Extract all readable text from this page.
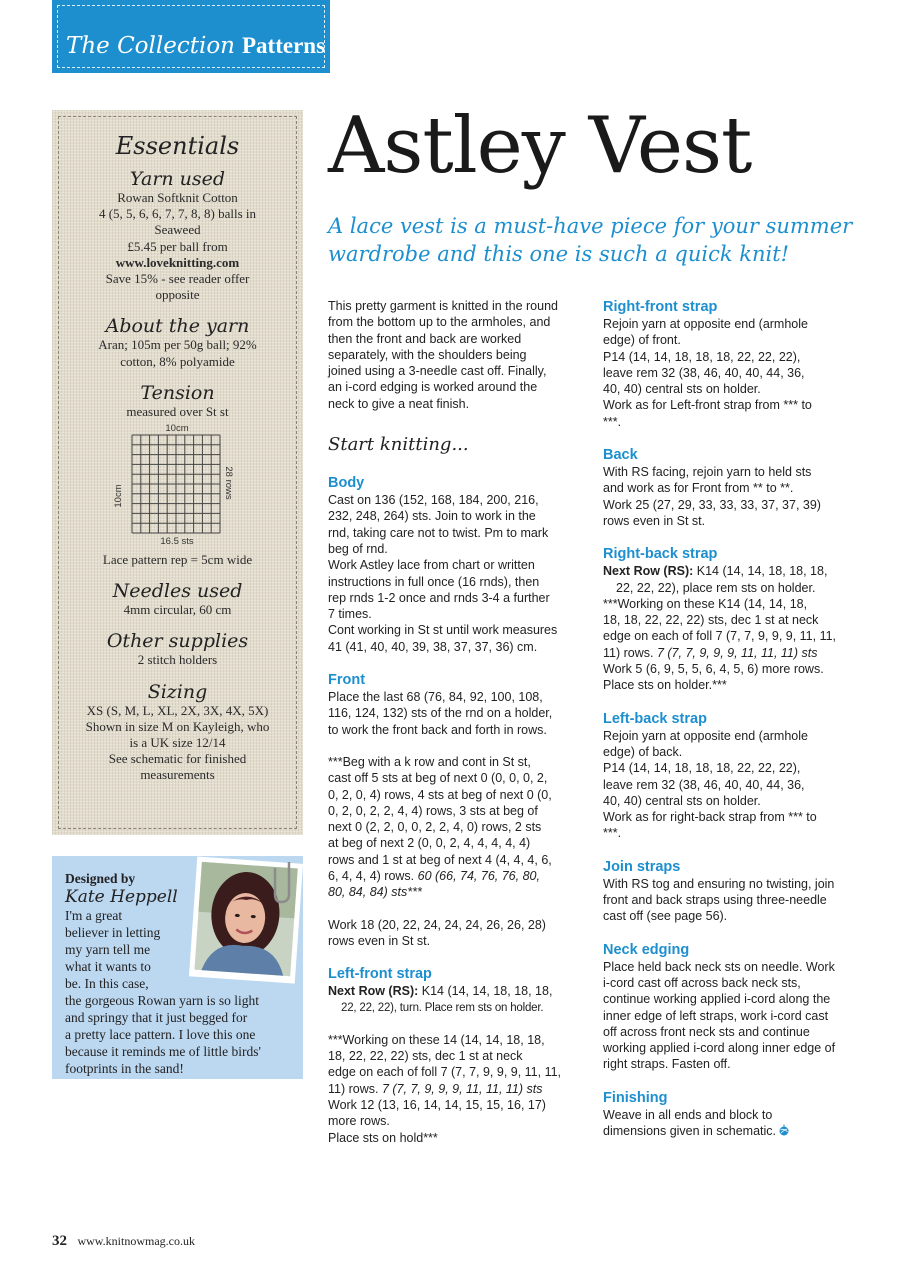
The Collection Patterns
Essentials
Yarn used
Rowan Softknit Cotton
4 (5, 5, 6, 6, 7, 7, 8, 8) balls in
Seaweed
£5.45 per ball from
www.loveknitting.com
Save 15% - see reader offer
opposite
About the yarn
Aran; 105m per 50g ball; 92%
cotton, 8% polyamide
Tension
measured over St st
10cm
10cm	28 rows
16.5 sts
Lace pattern rep = 5cm wide
Needles used
4mm circular, 60 cm
Other supplies
2 stitch holders
Sizing
XS (S, M, L, XL, 2X, 3X, 4X, 5X)
Shown in size M on Kayleigh, who
is a UK size 12/14
See schematic for finished
measurements
Designed by
Kate Heppell
I'm a great
believer in letting
my yarn tell me
what it wants to
be. In this case,
the gorgeous Rowan yarn is so light
and springy that it just begged for
a pretty lace pattern. I love this one
because it reminds me of little birds'
footprints in the sand!
Astley Vest
A lace vest is a must-have piece for your summer wardrobe and this one is such a quick knit!

This pretty garment is knitted in the round

from the bottom up to the armholes, and

then the front and back are worked

separately, with the shoulders being

joined using a 3-needle cast off. Finally,

an i-cord edging is worked around the

neck to give a neat finish.

Start knitting...
Body

Cast on 136 (152, 168, 184, 200, 216,

232, 248, 264) sts. Join to work in the

rnd, taking care not to twist. Pm to mark

beg of rnd.

Work Astley lace from chart or written

instructions in full once (16 rnds), then

rep rnds 1-2 once and rnds 3-4 a further

7 times.

Cont working in St st until work measures

41 (41, 40, 40, 39, 38, 37, 37, 36) cm.

Front

Place the last 68 (76, 84, 92, 100, 108,

116, 124, 132) sts of the rnd on a holder,

to work the front back and forth in rows.

***Beg with a k row and cont in St st,

cast off 5 sts at beg of next 0 (0, 0, 0, 2,

0, 2, 0, 4) rows, 4 sts at beg of next 0 (0,

0, 2, 0, 2, 2, 4, 4) rows, 3 sts at beg of

next 0 (2, 2, 0, 0, 2, 2, 4, 0) rows, 2 sts

at beg of next 2 (0, 0, 2, 4, 4, 4, 4, 4)

rows and 1 st at beg of next 4 (4, 4, 4, 6,

6, 4, 4, 4) rows. 60 (66, 74, 76, 76, 80,

80, 84, 84) sts***

Work 18 (20, 22, 24, 24, 24, 26, 26, 28)

rows even in St st.

Left-front strap

Next Row (RS): K14 (14, 14, 18, 18, 18,

22, 22, 22), turn. Place rem sts on holder.

***Working on these 14 (14, 14, 18, 18,

18, 22, 22, 22) sts, dec 1 st at neck

edge on each of foll 7 (7, 7, 9, 9, 9, 11, 11,

11) rows. 7 (7, 7, 9, 9, 9, 11, 11, 11) sts

Work 12 (13, 16, 14, 14, 15, 15, 16, 17)

more rows.

Place sts on hold***

Right-front strap

Rejoin yarn at opposite end (armhole

edge) of front.

P14 (14, 14, 18, 18, 18, 22, 22, 22),

leave rem 32 (38, 46, 40, 40, 44, 36,

40, 40) central sts on holder.

Work as for Left-front strap from *** to

***.

Back

With RS facing, rejoin yarn to held sts

and work as for Front from ** to **.

Work 25 (27, 29, 33, 33, 33, 37, 37, 39)

rows even in St st.

Right-back strap

Next Row (RS): K14 (14, 14, 18, 18, 18,

22, 22, 22), place rem sts on holder.

***Working on these K14 (14, 14, 18,

18, 18, 22, 22, 22) sts, dec 1 st at neck

edge on each of foll 7 (7, 7, 9, 9, 9, 11, 11,

11) rows. 7 (7, 7, 9, 9, 9, 11, 11, 11) sts

Work 5 (6, 9, 5, 5, 6, 4, 5, 6) more rows.

Place sts on holder.***

Left-back strap

Rejoin yarn at opposite end (armhole

edge) of back.

P14 (14, 14, 18, 18, 18, 22, 22, 22),

leave rem 32 (38, 46, 40, 40, 44, 36,

40, 40) central sts on holder.

Work as for right-back strap from *** to

***.

Join straps

With RS tog and ensuring no twisting, join

front and back straps using three-needle

cast off (see page 56).

Neck edging

Place held back neck sts on needle. Work

i-cord cast off across back neck sts,

continue working applied i-cord along the

inner edge of left straps, work i-cord cast

off across front neck sts and continue

working applied i-cord along inner edge of

right straps. Fasten off.

Finishing

Weave in all ends and block to

dimensions given in schematic.

32 www.knitnowmag.co.uk
